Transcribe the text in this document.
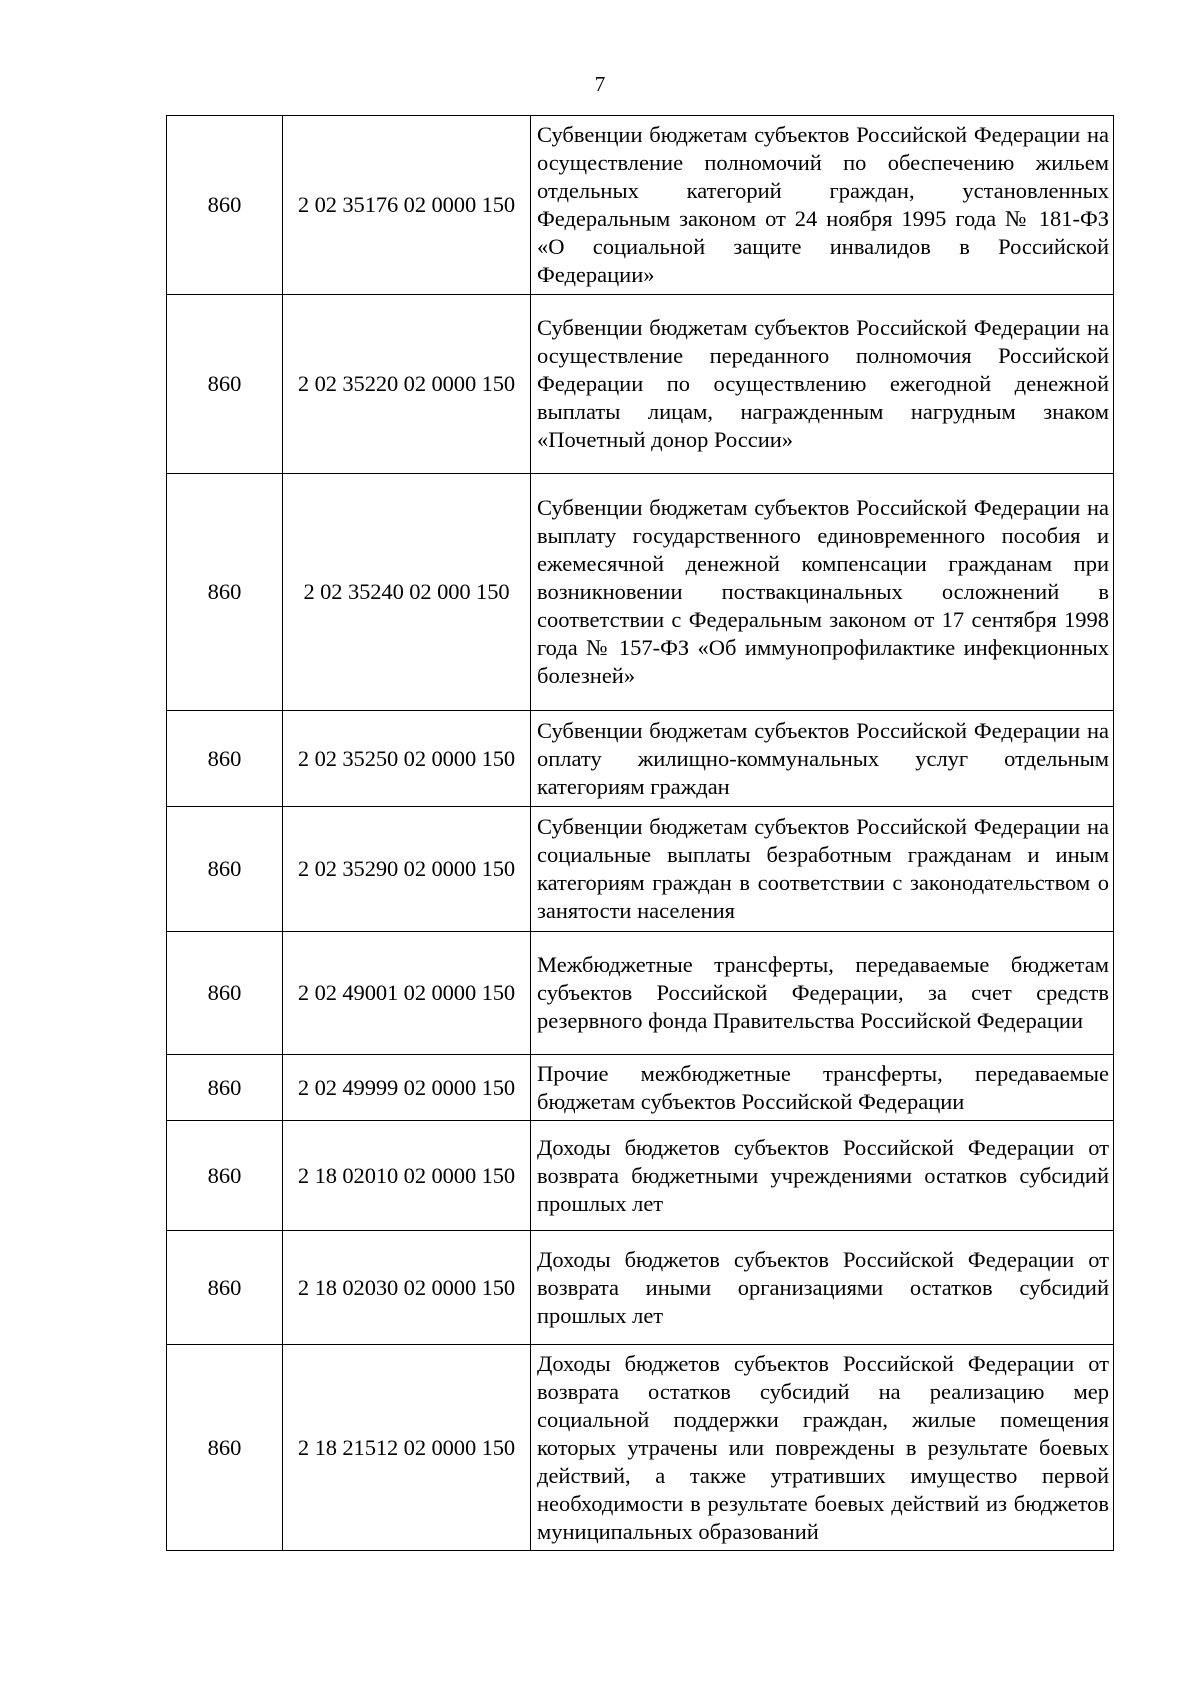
7
860	2 02 35176 02 0000 150	Субвенции бюджетам субъектов Российской Федерации на осуществление полномочий по обеспечению жильем отдельных категорий граждан, установленных Федеральным законом от 24 ноября 1995 года № 181-ФЗ «О социальной защите инвалидов в Российской Федерации»
860	2 02 35220 02 0000 150	Субвенции бюджетам субъектов Российской Федерации на осуществление переданного полномочия Российской Федерации по осуществлению ежегодной денежной выплаты лицам, награжденным нагрудным знаком «Почетный донор России»
860	2 02 35240 02 000 150	Субвенции бюджетам субъектов Российской Федерации на выплату государственного единовременного пособия и ежемесячной денежной компенсации гражданам при возникновении поствакцинальных осложнений в соответствии с Федеральным законом от 17 сентября 1998 года № 157-ФЗ «Об иммунопрофилактике инфекционных болезней»
860	2 02 35250 02 0000 150	Субвенции бюджетам субъектов Российской Федерации на оплату жилищно-коммунальных услуг отдельным категориям граждан
860	2 02 35290 02 0000 150	Субвенции бюджетам субъектов Российской Федерации на социальные выплаты безработным гражданам и иным категориям граждан в соответствии с законодательством о занятости населения
860	2 02 49001 02 0000 150	Межбюджетные трансферты, передаваемые бюджетам субъектов Российской Федерации, за счет средств резервного фонда Правительства Российской Федерации
860	2 02 49999 02 0000 150	Прочие межбюджетные трансферты, передаваемые бюджетам субъектов Российской Федерации
860	2 18 02010 02 0000 150	Доходы бюджетов субъектов Российской Федерации от возврата бюджетными учреждениями остатков субсидий прошлых лет
860	2 18 02030 02 0000 150	Доходы бюджетов субъектов Российской Федерации от возврата иными организациями остатков субсидий прошлых лет
860	2 18 21512 02 0000 150	Доходы бюджетов субъектов Российской Федерации от возврата остатков субсидий на реализацию мер социальной поддержки граждан, жилые помещения которых утрачены или повреждены в результате боевых действий, а также утративших имущество первой необходимости в результате боевых действий из бюджетов муниципальных образований
